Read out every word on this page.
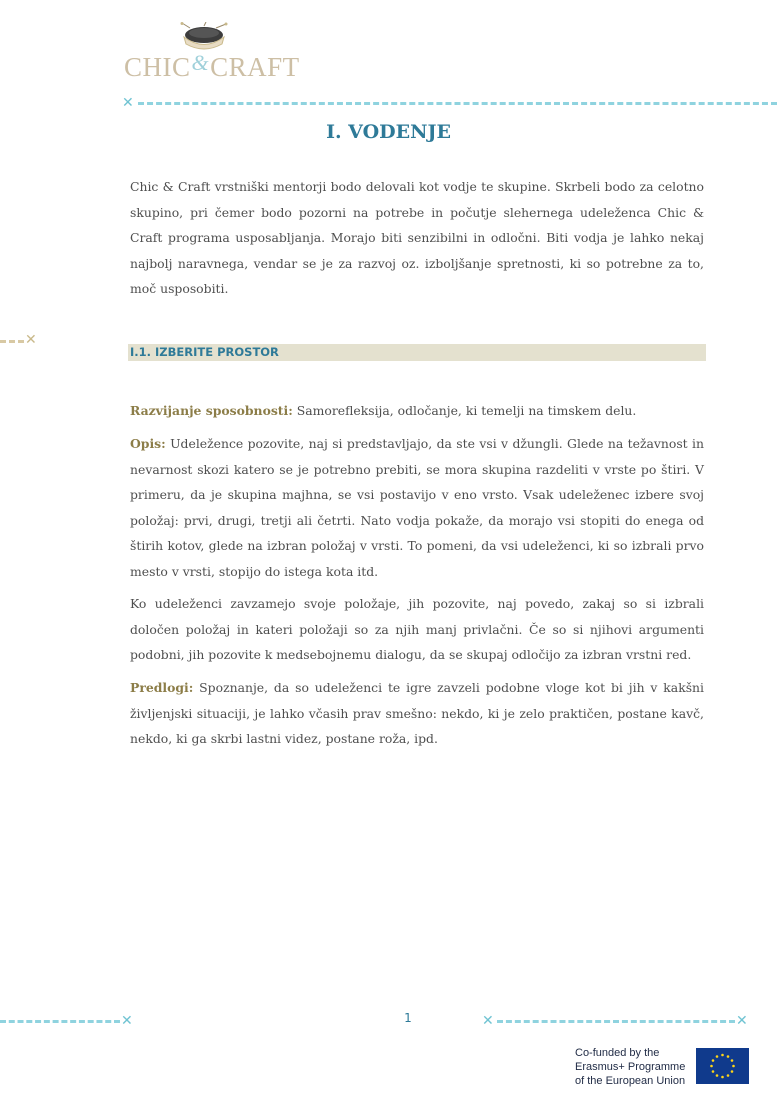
CHIC&CRAFT
✕
I. VODENJE

Chic & Craft vrstniški mentorji bodo delovali kot vodje te skupine. Skrbeli bodo za celotno skupino, pri čemer bodo pozorni na potrebe in počutje slehernega udeleženca Chic & Craft programa usposabljanja. Morajo biti senzibilni in odločni. Biti vodja je lahko nekaj najbolj naravnega, vendar se je za razvoj oz. izboljšanje spretnosti, ki so potrebne za to, moč usposobiti.

✕
I.1. IZBERITE PROSTOR

Razvijanje sposobnosti: Samorefleksija, odločanje, ki temelji na timskem delu.

Opis: Udeležence pozovite, naj si predstavljajo, da ste vsi v džungli. Glede na težavnost in nevarnost skozi katero se je potrebno prebiti, se mora skupina razdeliti v vrste po štiri. V primeru, da je skupina majhna, se vsi postavijo v eno vrsto. Vsak udeleženec izbere svoj položaj: prvi, drugi, tretji ali četrti. Nato vodja pokaže, da morajo vsi stopiti do enega od štirih kotov, glede na izbran položaj v vrsti. To pomeni, da vsi udeleženci, ki so izbrali prvo mesto v vrsti, stopijo do istega kota itd.

Ko udeleženci zavzamejo svoje položaje, jih pozovite, naj povedo, zakaj so si izbrali določen položaj in kateri položaji so za njih manj privlačni. Če so si njihovi argumenti podobni, jih pozovite k medsebojnemu dialogu, da se skupaj odločijo za izbran vrstni red.

Predlogi: Spoznanje, da so udeleženci te igre zavzeli podobne vloge kot bi jih v kakšni življenjski situaciji, je lahko včasih prav smešno: nekdo, ki je zelo praktičen, postane kavč, nekdo, ki ga skrbi lastni videz, postane roža, ipd.

✕	1	✕	✕
Co-funded by the
Erasmus+ Programme
of the European Union
